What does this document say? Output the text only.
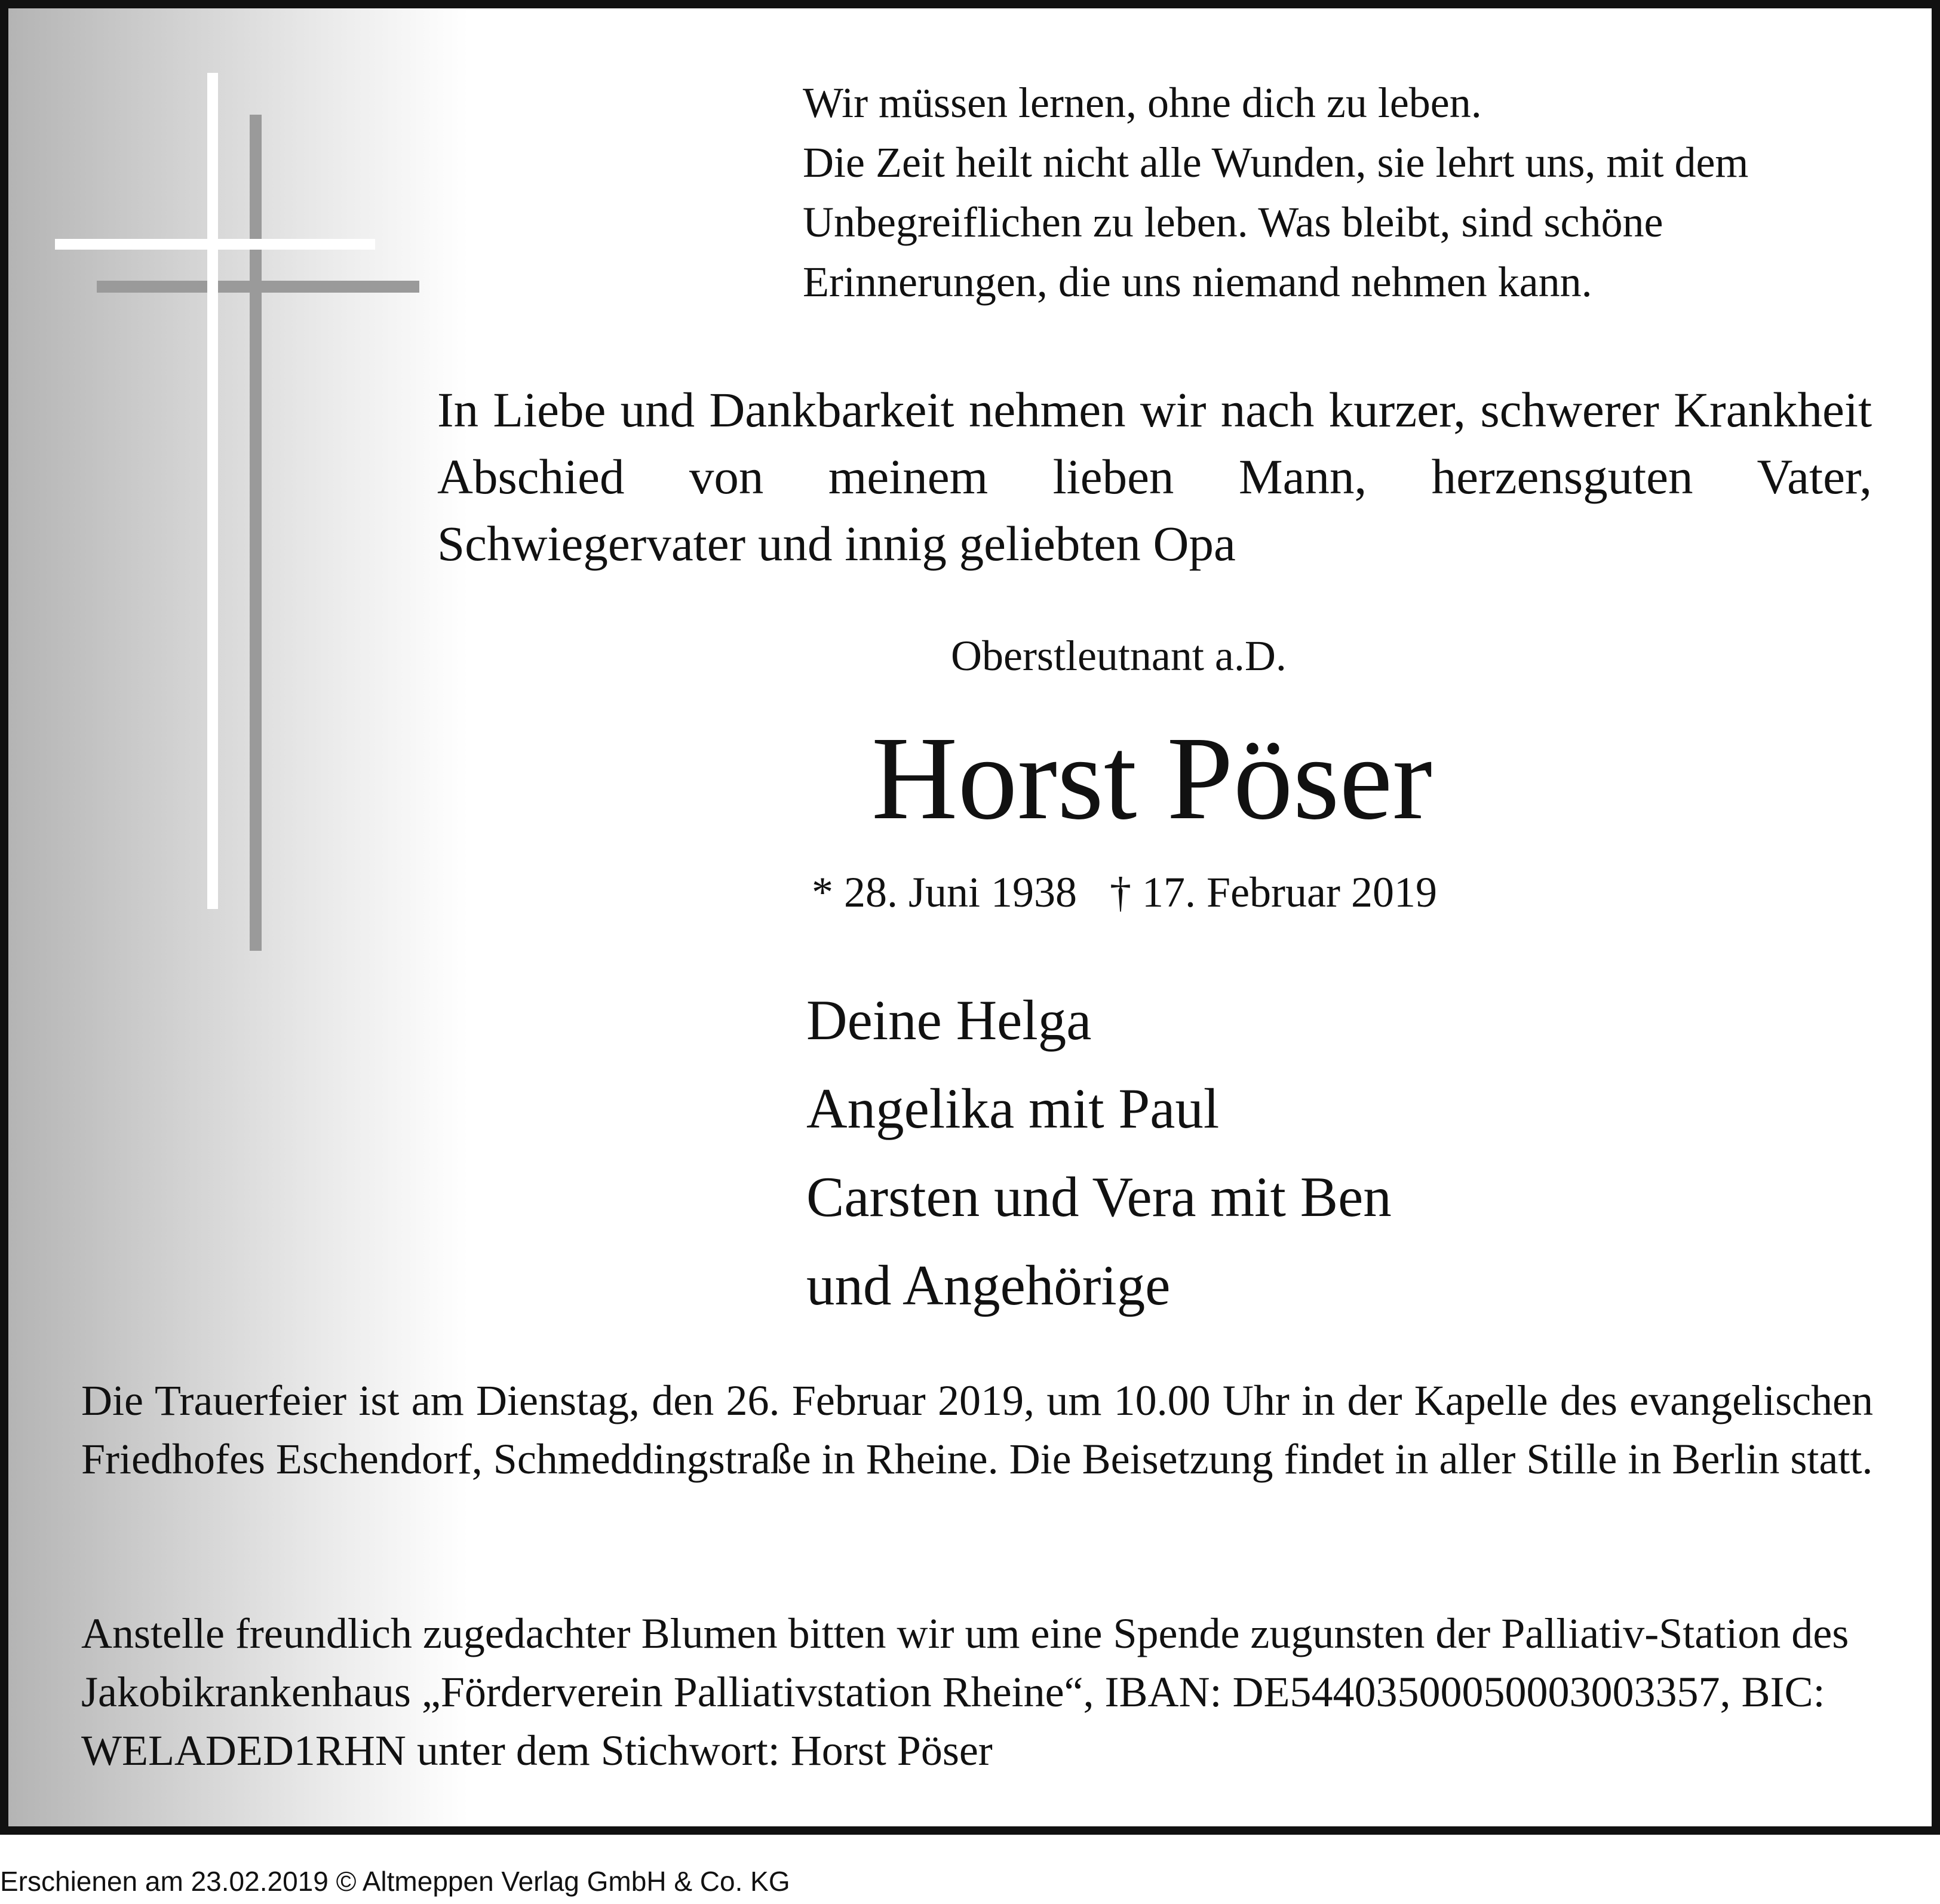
Wir müssen lernen, ohne dich zu leben.
Die Zeit heilt nicht alle Wunden, sie lehrt uns, mit dem
Unbegreiflichen zu leben. Was bleibt, sind schöne
Erinnerungen, die uns niemand nehmen kann.

In Liebe und Dankbarkeit nehmen wir nach kurzer, schwerer Krankheit Abschied von meinem lieben Mann, herzensguten Vater, Schwiegervater und innig geliebten Opa

Oberstleutnant a.D.

Horst Pöser

* 28. Juni 1938 † 17. Februar 2019

Deine Helga
Angelika mit Paul
Carsten und Vera mit Ben
und Angehörige

Die Trauerfeier ist am Dienstag, den 26. Februar 2019, um 10.00 Uhr in der Kapelle des evangelischen Friedhofes Eschendorf, Schmeddingstraße in Rheine. Die Beisetzung findet in aller Stille in Berlin statt.

Anstelle freundlich zugedachter Blumen bitten wir um eine Spende zugunsten der Palliativ-Station des Jakobikrankenhaus „Förderverein Palliativstation Rheine“, IBAN: DE54403500050003003357, BIC: WELADED1RHN unter dem Stichwort: Horst Pöser

Erschienen am 23.02.2019 © Altmeppen Verlag GmbH & Co. KG
